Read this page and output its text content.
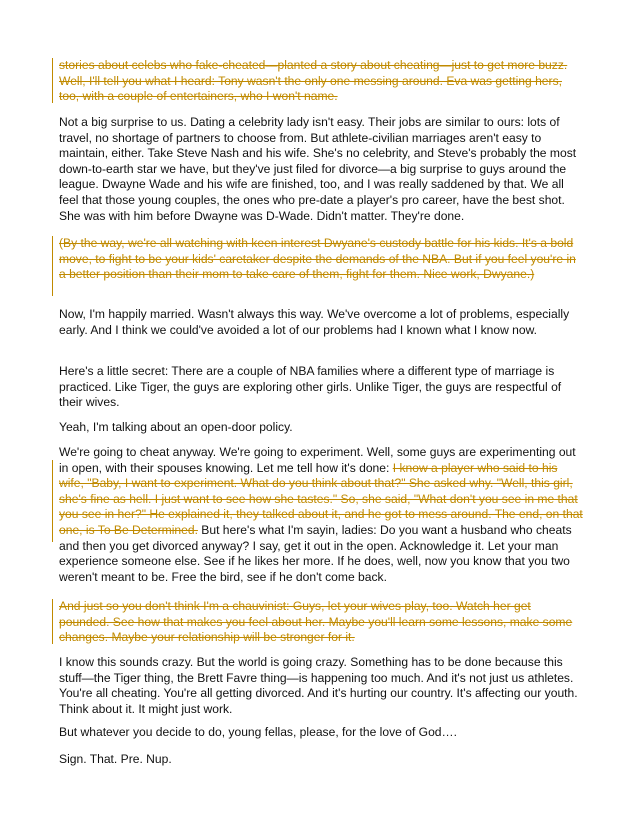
stories about celebs who fake-cheated—planted a story about cheating—just to get more buzz. Well, I'll tell you what I heard: Tony wasn't the only one messing around. Eva was getting hers, too, with a couple of entertainers, who I won't name.

Not a big surprise to us. Dating a celebrity lady isn't easy. Their jobs are similar to ours: lots of travel, no shortage of partners to choose from. But athlete-civilian marriages aren't easy to maintain, either. Take Steve Nash and his wife. She's no celebrity, and Steve's probably the most down-to-earth star we have, but they've just filed for divorce—a big surprise to guys around the league. Dwayne Wade and his wife are finished, too, and I was really saddened by that. We all feel that those young couples, the ones who pre-date a player's pro career, have the best shot. She was with him before Dwayne was D-Wade. Didn't matter. They're done.

(By the way, we're all watching with keen interest Dwyane's custody battle for his kids. It's a bold move, to fight to be your kids' caretaker despite the demands of the NBA. But if you feel you're in a better position than their mom to take care of them, fight for them. Nice work, Dwyane.)

Now, I'm happily married. Wasn't always this way. We've overcome a lot of problems, especially early. And I think we could've avoided a lot of our problems had I known what I know now.

Here's a little secret: There are a couple of NBA families where a different type of marriage is practiced. Like Tiger, the guys are exploring other girls. Unlike Tiger, the guys are respectful of their wives.

Yeah, I'm talking about an open-door policy.

We're going to cheat anyway. We're going to experiment. Well, some guys are experimenting out in open, with their spouses knowing. Let me tell how it's done: I know a player who said to his wife, "Baby, I want to experiment. What do you think about that?" She asked why. "Well, this girl, she's fine as hell. I just want to see how she tastes." So, she said, "What don't you see in me that you see in her?" He explained it, they talked about it, and he got to mess around. The end, on that one, is To Be Determined. But here's what I'm sayin, ladies: Do you want a husband who cheats and then you get divorced anyway? I say, get it out in the open. Acknowledge it. Let your man experience someone else. See if he likes her more. If he does, well, now you know that you two weren't meant to be. Free the bird, see if he don't come back.

And just so you don't think I'm a chauvinist: Guys, let your wives play, too. Watch her get pounded. See how that makes you feel about her. Maybe you'll learn some lessons, make some changes. Maybe your relationship will be stronger for it.

I know this sounds crazy. But the world is going crazy. Something has to be done because this stuff—the Tiger thing, the Brett Favre thing—is happening too much. And it's not just us athletes. You're all cheating. You're all getting divorced. And it's hurting our country. It's affecting our youth. Think about it. It might just work.

But whatever you decide to do, young fellas, please, for the love of God….

Sign. That. Pre. Nup.
